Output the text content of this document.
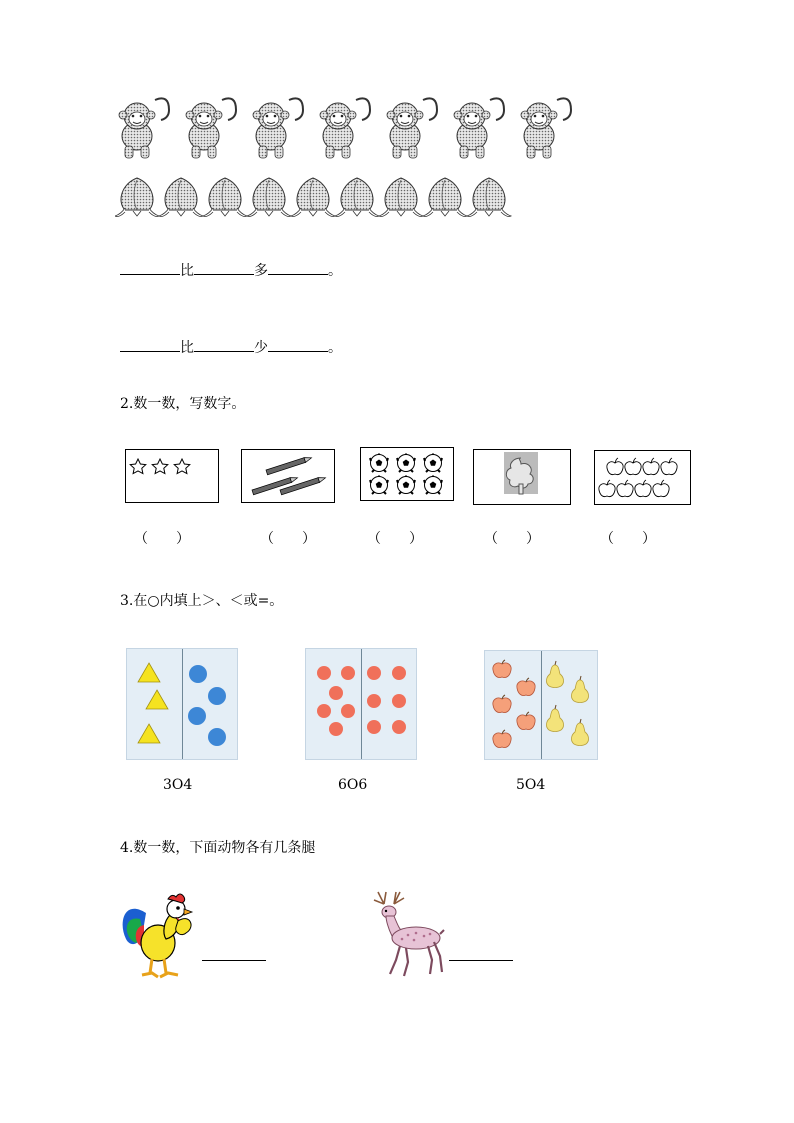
比	多	。
比	少	。
2.数一数，写数字。
（　　）	（　　）	（　　）	（　　）	（　　）
3.在○内填上＞、＜或=。
3O4	6O6	5O4
4.数一数，下面动物各有几条腿
